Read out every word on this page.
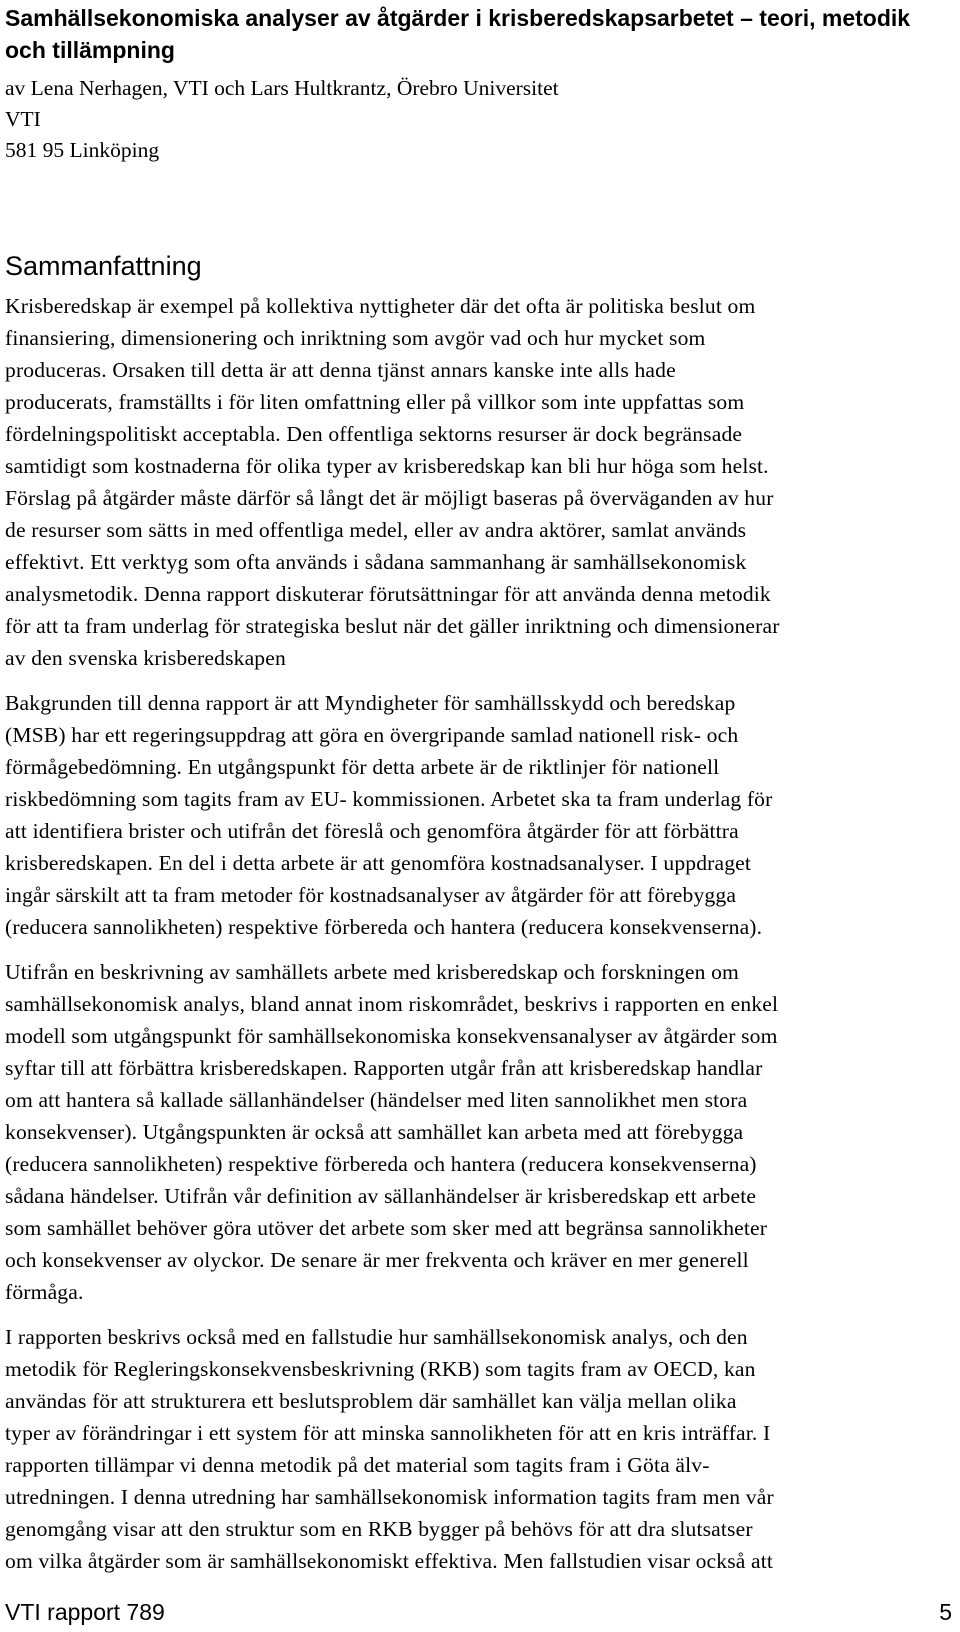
Samhällsekonomiska analyser av åtgärder i krisberedskapsarbetet – teori, metodik
och tillämpning
av Lena Nerhagen, VTI och Lars Hultkrantz, Örebro Universitet
VTI
581 95 Linköping
Sammanfattning

Krisberedskap är exempel på kollektiva nyttigheter där det ofta är politiska beslut om
finansiering, dimensionering och inriktning som avgör vad och hur mycket som
produceras. Orsaken till detta är att denna tjänst annars kanske inte alls hade
producerats, framställts i för liten omfattning eller på villkor som inte uppfattas som
fördelningspolitiskt acceptabla. Den offentliga sektorns resurser är dock begränsade
samtidigt som kostnaderna för olika typer av krisberedskap kan bli hur höga som helst.
Förslag på åtgärder måste därför så långt det är möjligt baseras på överväganden av hur
de resurser som sätts in med offentliga medel, eller av andra aktörer, samlat används
effektivt. Ett verktyg som ofta används i sådana sammanhang är samhällsekonomisk
analysmetodik. Denna rapport diskuterar förutsättningar för att använda denna metodik
för att ta fram underlag för strategiska beslut när det gäller inriktning och dimensionerar
av den svenska krisberedskapen

Bakgrunden till denna rapport är att Myndigheter för samhällsskydd och beredskap
(MSB) har ett regeringsuppdrag att göra en övergripande samlad nationell risk- och
förmågebedömning. En utgångspunkt för detta arbete är de riktlinjer för nationell
riskbedömning som tagits fram av EU- kommissionen. Arbetet ska ta fram underlag för
att identifiera brister och utifrån det föreslå och genomföra åtgärder för att förbättra
krisberedskapen. En del i detta arbete är att genomföra kostnadsanalyser. I uppdraget
ingår särskilt att ta fram metoder för kostnadsanalyser av åtgärder för att förebygga
(reducera sannolikheten) respektive förbereda och hantera (reducera konsekvenserna).

Utifrån en beskrivning av samhällets arbete med krisberedskap och forskningen om
samhällsekonomisk analys, bland annat inom riskområdet, beskrivs i rapporten en enkel
modell som utgångspunkt för samhällsekonomiska konsekvensanalyser av åtgärder som
syftar till att förbättra krisberedskapen. Rapporten utgår från att krisberedskap handlar
om att hantera så kallade sällanhändelser (händelser med liten sannolikhet men stora
konsekvenser). Utgångspunkten är också att samhället kan arbeta med att förebygga
(reducera sannolikheten) respektive förbereda och hantera (reducera konsekvenserna)
sådana händelser. Utifrån vår definition av sällanhändelser är krisberedskap ett arbete
som samhället behöver göra utöver det arbete som sker med att begränsa sannolikheter
och konsekvenser av olyckor. De senare är mer frekventa och kräver en mer generell
förmåga.

I rapporten beskrivs också med en fallstudie hur samhällsekonomisk analys, och den
metodik för Regleringskonsekvensbeskrivning (RKB) som tagits fram av OECD, kan
användas för att strukturera ett beslutsproblem där samhället kan välja mellan olika
typer av förändringar i ett system för att minska sannolikheten för att en kris inträffar. I
rapporten tillämpar vi denna metodik på det material som tagits fram i Göta älv-
utredningen. I denna utredning har samhällsekonomisk information tagits fram men vår
genomgång visar att den struktur som en RKB bygger på behövs för att dra slutsatser
om vilka åtgärder som är samhällsekonomiskt effektiva. Men fallstudien visar också att

VTI rapport 789	5
